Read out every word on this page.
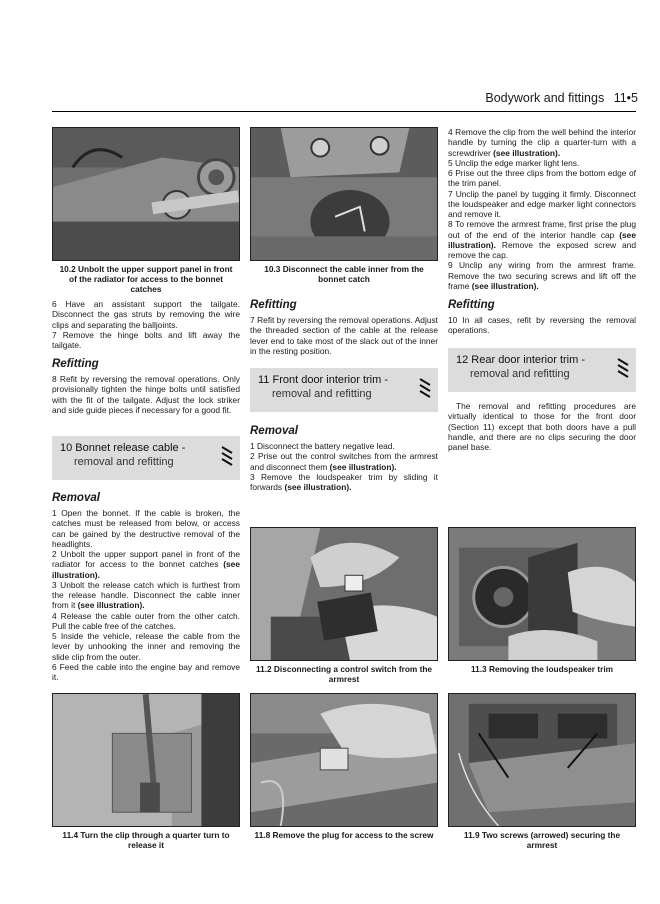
Bodywork and fittings 11•5
10.2 Unbolt the upper support panel in front of the radiator for access to the bonnet catches
10.3 Disconnect the cable inner from the bonnet catch

6 Have an assistant support the tailgate. Disconnect the gas struts by removing the wire clips and separating the balljoints.

7 Remove the hinge bolts and lift away the tailgate.

Refitting

8 Refit by reversing the removal operations. Only provisionally tighten the hinge bolts until satisfied with the fit of the tailgate. Adjust the lock striker and side guide pieces if necessary for a good fit.

10 Bonnet release cable -
removal and refitting
Removal

1 Open the bonnet. If the cable is broken, the catches must be released from below, or access can be gained by the destructive removal of the headlights.

2 Unbolt the upper support panel in front of the radiator for access to the bonnet catches (see illustration).

3 Unbolt the release catch which is furthest from the release handle. Disconnect the cable inner from it (see illustration).

4 Release the cable outer from the other catch. Pull the cable free of the catches.

5 Inside the vehicle, release the cable from the lever by unhooking the inner and removing the slide clip from the outer.

6 Feed the cable into the engine bay and remove it.

Refitting

7 Refit by reversing the removal operations. Adjust the threaded section of the cable at the release lever end to take most of the slack out of the inner in the resting position.

11 Front door interior trim -
removal and refitting
Removal

1 Disconnect the battery negative lead.

2 Prise out the control switches from the armrest and disconnect them (see illustration).

3 Remove the loudspeaker trim by sliding it forwards (see illustration).

4 Remove the clip from the well behind the interior handle by turning the clip a quarter-turn with a screwdriver (see illustration).

5 Unclip the edge marker light lens.

6 Prise out the three clips from the bottom edge of the trim panel.

7 Unclip the panel by tugging it firmly. Disconnect the loudspeaker and edge marker light connectors and remove it.

8 To remove the armrest frame, first prise the plug out of the end of the interior handle cap (see illustration). Remove the exposed screw and remove the cap.

9 Unclip any wiring from the armrest frame. Remove the two securing screws and lift off the frame (see illustration).

Refitting

10 In all cases, refit by reversing the removal operations.

12 Rear door interior trim -
removal and refitting

The removal and refitting procedures are virtually identical to those for the front door (Section 11) except that both doors have a pull handle, and there are no clips securing the door panel base.

11.2 Disconnecting a control switch from the armrest
11.3 Removing the loudspeaker trim
11.4 Turn the clip through a quarter turn to release it
11.8 Remove the plug for access to the screw	11.9 Two screws (arrowed) securing the armrest
